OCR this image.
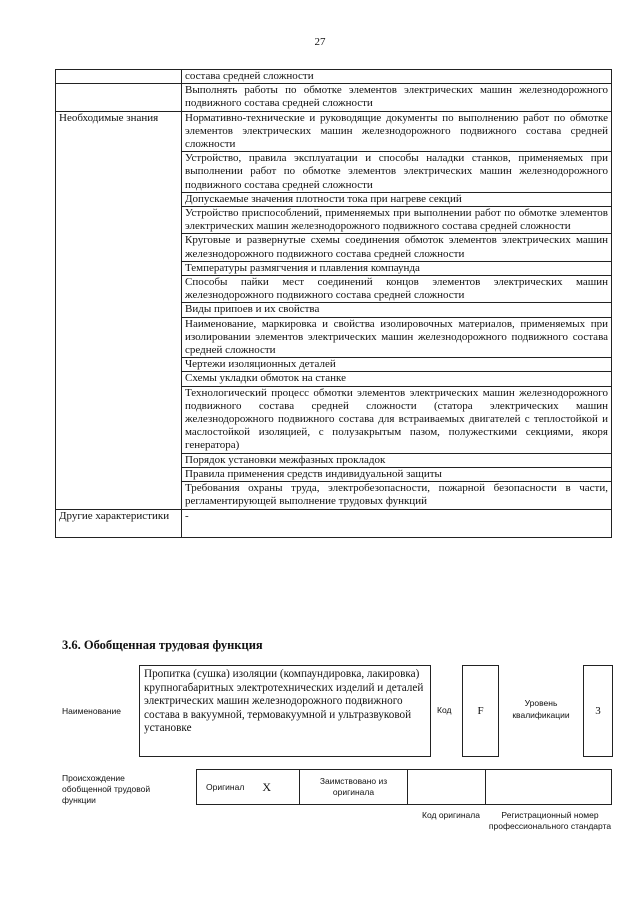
27
	состава средней сложности
	Выполнять работы по обмотке элементов электрических машин железнодорожного подвижного состава средней сложности
Необходимые знания	Нормативно-технические и руководящие документы по выполнению работ по обмотке элементов электрических машин железнодорожного подвижного состава средней сложности
	Устройство, правила эксплуатации и способы наладки станков, применяемых при выполнении работ по обмотке элементов электрических машин железнодорожного подвижного состава средней сложности
	Допускаемые значения плотности тока при нагреве секций
	Устройство приспособлений, применяемых при выполнении работ по обмотке элементов электрических машин железнодорожного подвижного состава средней сложности
	Круговые и развернутые схемы соединения обмоток элементов электрических машин железнодорожного подвижного состава средней сложности
	Температуры размягчения и плавления компаунда
	Способы пайки мест соединений концов элементов электрических машин железнодорожного подвижного состава средней сложности
	Виды припоев и их свойства
	Наименование, маркировка и свойства изолировочных материалов, применяемых при изолировании элементов электрических машин железнодорожного подвижного состава средней сложности
	Чертежи изоляционных деталей
	Схемы укладки обмоток на станке
	Технологический процесс обмотки элементов электрических машин железнодорожного подвижного состава средней сложности (статора электрических машин железнодорожного подвижного состава для встраиваемых двигателей с теплостойкой и маслостойкой изоляцией, с полузакрытым пазом, полужесткими секциями, якоря генератора)
	Порядок установки межфазных прокладок
	Правила применения средств индивидуальной защиты
	Требования охраны труда, электробезопасности, пожарной безопасности в части, регламентирующей выполнение трудовых функций
Другие характеристики	-
3.6. Обобщенная трудовая функция
Наименование
Пропитка (сушка) изоляции (компаундировка, лакировка) крупногабаритных электротехнических изделий и деталей электрических машин железнодорожного подвижного состава в вакуумной, термовакуумной и ультразвуковой установке
Код	F
Уровень квалификации	3
Происхождение обобщенной трудовой функции
Оригинал X	Заимствовано из оригинала
Код оригинала	Регистрационный номер профессионального стандарта
